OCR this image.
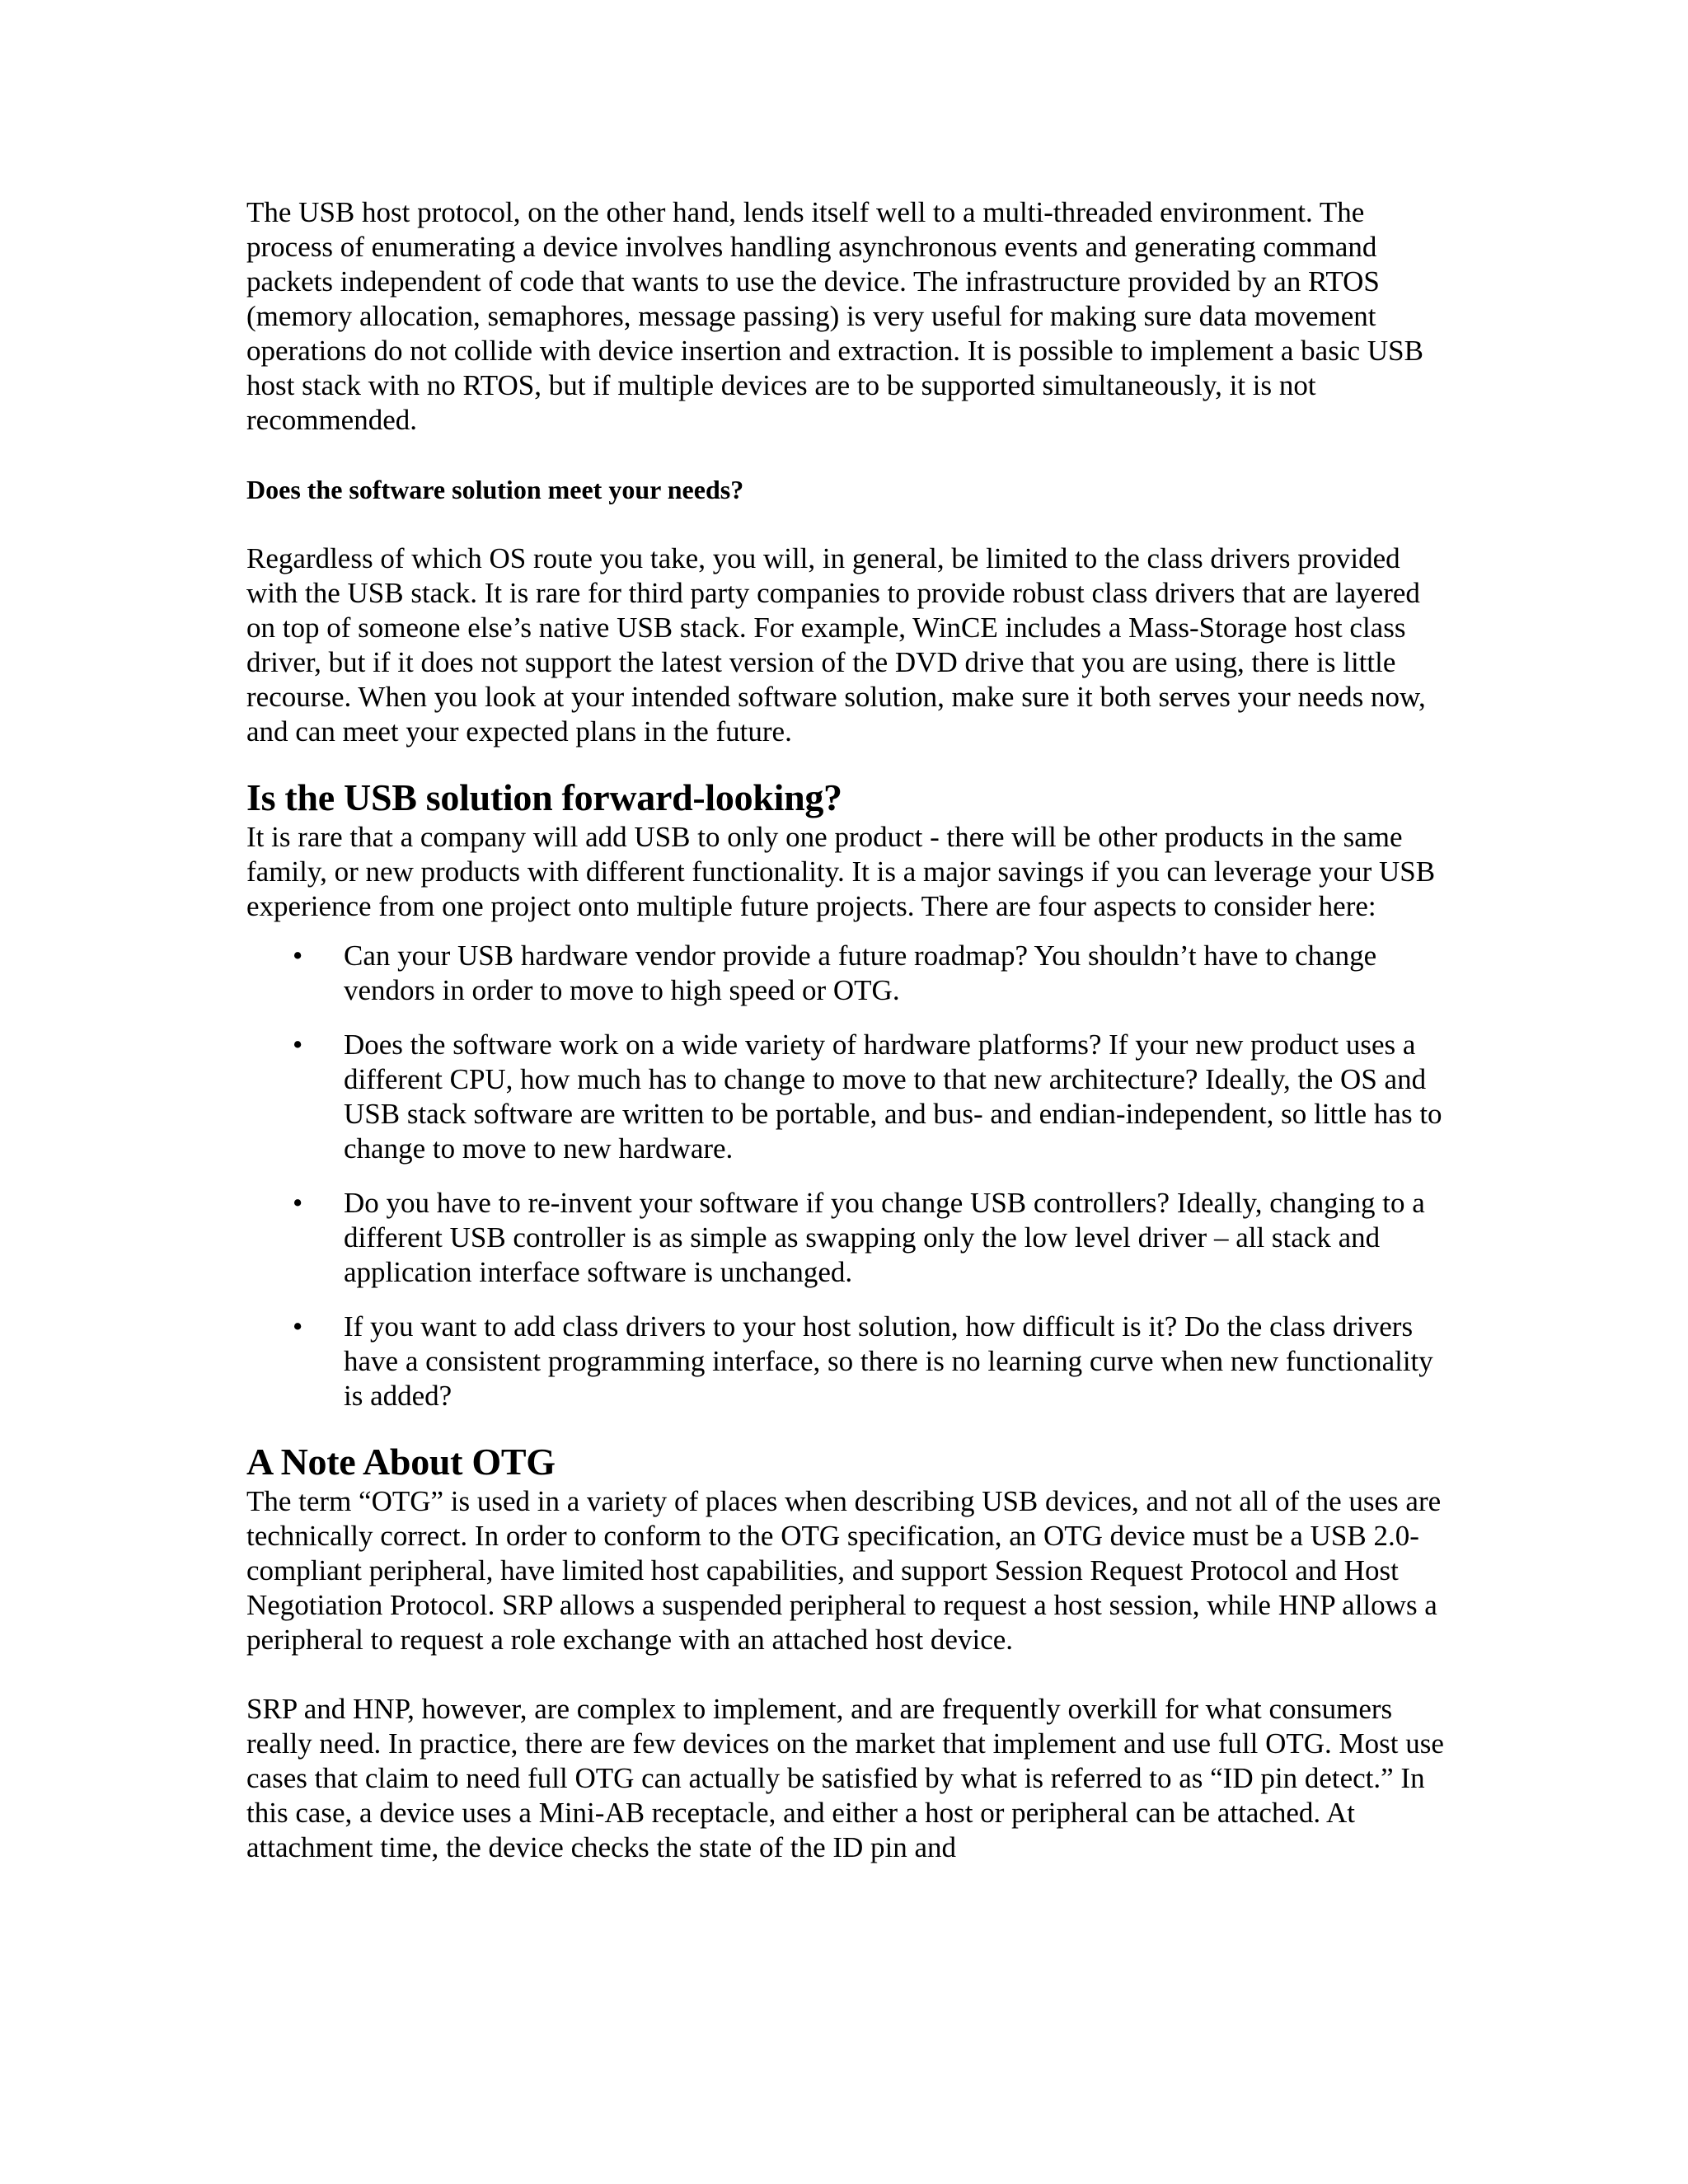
The USB host protocol, on the other hand, lends itself well to a multi-threaded environment. The process of enumerating a device involves handling asynchronous events and generating command packets independent of code that wants to use the device. The infrastructure provided by an RTOS (memory allocation, semaphores, message passing) is very useful for making sure data movement operations do not collide with device insertion and extraction. It is possible to implement a basic USB host stack with no RTOS, but if multiple devices are to be supported simultaneously, it is not recommended.

Does the software solution meet your needs?

Regardless of which OS route you take, you will, in general, be limited to the class drivers provided with the USB stack. It is rare for third party companies to provide robust class drivers that are layered on top of someone else’s native USB stack. For example, WinCE includes a Mass-Storage host class driver, but if it does not support the latest version of the DVD drive that you are using, there is little recourse. When you look at your intended software solution, make sure it both serves your needs now, and can meet your expected plans in the future.

Is the USB solution forward-looking?

It is rare that a company will add USB to only one product - there will be other products in the same family, or new products with different functionality. It is a major savings if you can leverage your USB experience from one project onto multiple future projects. There are four aspects to consider here:

• Can your USB hardware vendor provide a future roadmap? You shouldn’t have to change vendors in order to move to high speed or OTG.
• Does the software work on a wide variety of hardware platforms? If your new product uses a different CPU, how much has to change to move to that new architecture? Ideally, the OS and USB stack software are written to be portable, and bus- and endian-independent, so little has to change to move to new hardware.
• Do you have to re-invent your software if you change USB controllers? Ideally, changing to a different USB controller is as simple as swapping only the low level driver – all stack and application interface software is unchanged.
• If you want to add class drivers to your host solution, how difficult is it? Do the class drivers have a consistent programming interface, so there is no learning curve when new functionality is added?
A Note About OTG

The term “OTG” is used in a variety of places when describing USB devices, and not all of the uses are technically correct. In order to conform to the OTG specification, an OTG device must be a USB 2.0-compliant peripheral, have limited host capabilities, and support Session Request Protocol and Host Negotiation Protocol. SRP allows a suspended peripheral to request a host session, while HNP allows a peripheral to request a role exchange with an attached host device.

SRP and HNP, however, are complex to implement, and are frequently overkill for what consumers really need. In practice, there are few devices on the market that implement and use full OTG. Most use cases that claim to need full OTG can actually be satisfied by what is referred to as “ID pin detect.” In this case, a device uses a Mini-AB receptacle, and either a host or peripheral can be attached. At attachment time, the device checks the state of the ID pin and
